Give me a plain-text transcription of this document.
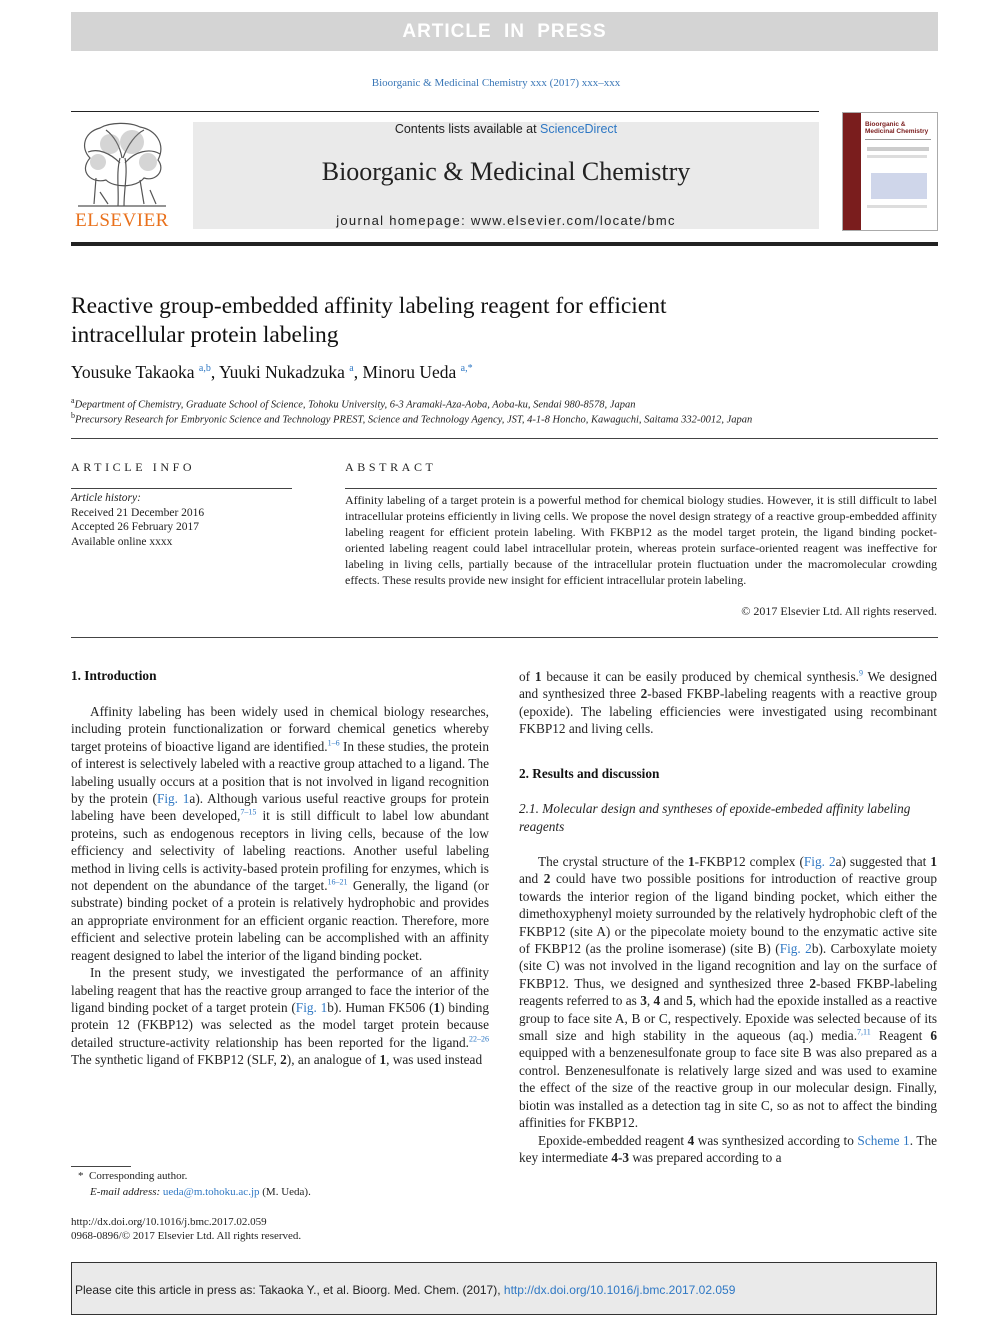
ARTICLE IN PRESS
Bioorganic & Medicinal Chemistry xxx (2017) xxx–xxx
ELSEVIER
Contents lists available at ScienceDirect
Bioorganic & Medicinal Chemistry
journal homepage: www.elsevier.com/locate/bmc
Bioorganic & Medicinal Chemistry
Reactive group-embedded affinity labeling reagent for efficient
intracellular protein labeling
Yousuke Takaoka $^{a,b}$, Yuuki Nukadzuka $^a$, Minoru Ueda $^{a,*}$
$^a$Department of Chemistry, Graduate School of Science, Tohoku University, 6-3 Aramaki-Aza-Aoba, Aoba-ku, Sendai 980-8578, Japan
$^b$Precursory Research for Embryonic Science and Technology PREST, Science and Technology Agency, JST, 4-1-8 Honcho, Kawaguchi, Saitama 332-0012, Japan
ARTICLE INFO
Article history:
Received 21 December 2016
Accepted 26 February 2017
Available online xxxx
ABSTRACT
Affinity labeling of a target protein is a powerful method for chemical biology studies. However, it is still difficult to label intracellular proteins efficiently in living cells. We propose the novel design strategy of a reactive group-embedded affinity labeling reagent for efficient protein labeling. With FKBP12 as the model target protein, the ligand binding pocket-oriented labeling reagent could label intracellular protein, whereas protein surface-oriented reagent was ineffective for labeling in living cells, partially because of the intracellular protein fluctuation under the macromolecular crowding effects. These results provide new insight for efficient intracellular protein labeling.
© 2017 Elsevier Ltd. All rights reserved.
1. Introduction

Affinity labeling has been widely used in chemical biology researches, including protein functionalization or forward chemical genetics whereby target proteins of bioactive ligand are identified.$^{1-6}$ In these studies, the protein of interest is selectively labeled with a reactive group attached to a ligand. The labeling usually occurs at a position that is not involved in ligand recognition by the protein (Fig. 1a). Although various useful reactive groups for protein labeling have been developed,$^{7-15}$ it is still difficult to label low abundant proteins, such as endogenous receptors in living cells, because of the low efficiency and selectivity of labeling reactions. Another useful labeling method in living cells is activity-based protein profiling for enzymes, which is not dependent on the abundance of the target.$^{16-21}$ Generally, the ligand (or substrate) binding pocket of a protein is relatively hydrophobic and provides an appropriate environment for an efficient organic reaction. Therefore, more efficient and selective protein labeling can be accomplished with an affinity reagent designed to label the interior of the ligand binding pocket.

In the present study, we investigated the performance of an affinity labeling reagent that has the reactive group arranged to face the interior of the ligand binding pocket of a target protein (Fig. 1b). Human FK506 (1) binding protein 12 (FKBP12) was selected as the model target protein because detailed structure-activity relationship has been reported for the ligand.$^{22-26}$ The synthetic ligand of FKBP12 (SLF, 2), an analogue of 1, was used instead

*  Corresponding author.
E-mail address: ueda@m.tohoku.ac.jp (M. Ueda).
http://dx.doi.org/10.1016/j.bmc.2017.02.059
0968-0896/© 2017 Elsevier Ltd. All rights reserved.

of 1 because it can be easily produced by chemical synthesis.$^9$ We designed and synthesized three 2-based FKBP-labeling reagents with a reactive group (epoxide). The labeling efficiencies were investigated using recombinant FKBP12 and living cells.

2. Results and discussion
2.1. Molecular design and syntheses of epoxide-embeded affinity labeling reagents

The crystal structure of the 1-FKBP12 complex (Fig. 2a) suggested that 1 and 2 could have two possible positions for introduction of reactive group towards the interior region of the ligand binding pocket, which either the dimethoxyphenyl moiety surrounded by the relatively hydrophobic cleft of the FKBP12 (site A) or the pipecolate moiety bound to the enzymatic active site of FKBP12 (as the proline isomerase) (site B) (Fig. 2b). Carboxylate moiety (site C) was not involved in the ligand recognition and lay on the surface of FKBP12. Thus, we designed and synthesized three 2-based FKBP-labeling reagents referred to as 3, 4 and 5, which had the epoxide installed as a reactive group to face site A, B or C, respectively. Epoxide was selected because of its small size and high stability in the aqueous (aq.) media.$^{7,11}$ Reagent 6 equipped with a benzenesulfonate group to face site B was also prepared as a control. Benzenesulfonate is relatively large sized and was used to examine the effect of the size of the reactive group in our molecular design. Finally, biotin was installed as a detection tag in site C, so as not to affect the binding affinities for FKBP12.

Epoxide-embedded reagent 4 was synthesized according to Scheme 1. The key intermediate 4-3 was prepared according to a

Please cite this article in press as: Takaoka Y., et al. Bioorg. Med. Chem. (2017), http://dx.doi.org/10.1016/j.bmc.2017.02.059
